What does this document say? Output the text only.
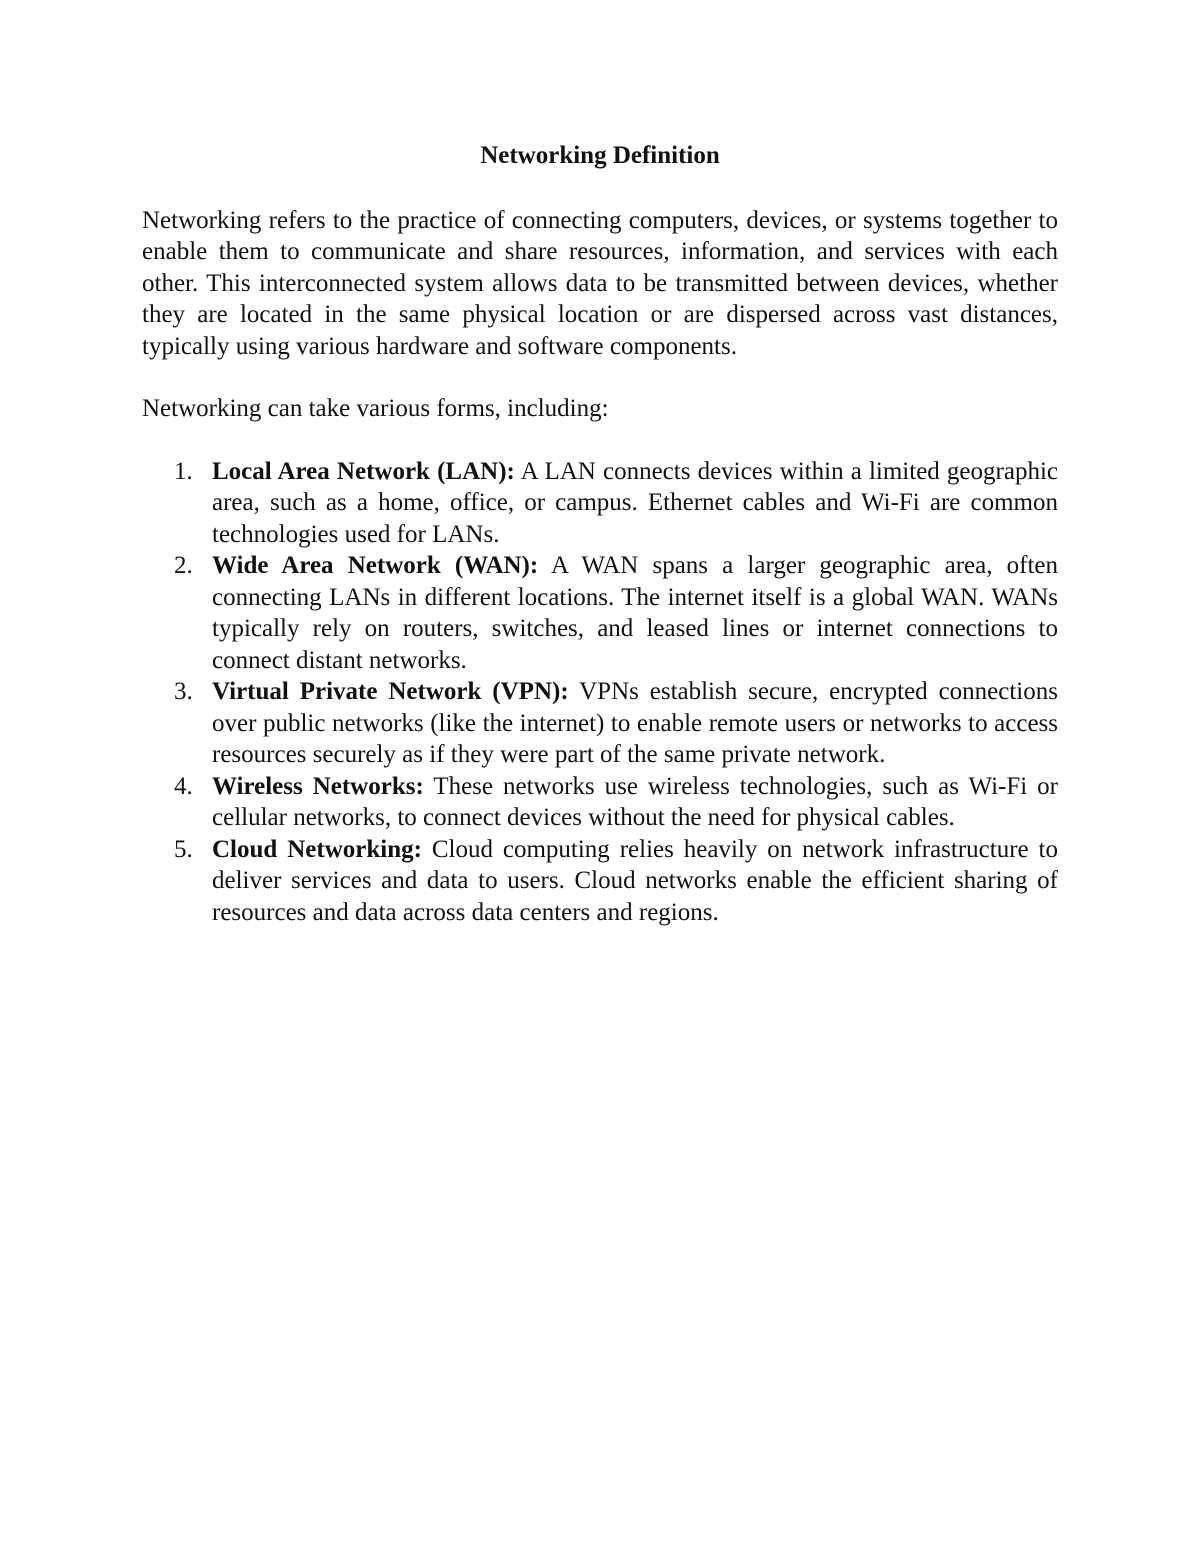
Networking Definition

Networking refers to the practice of connecting computers, devices, or systems together to enable them to communicate and share resources, information, and services with each other. This interconnected system allows data to be transmitted between devices, whether they are located in the same physical location or are dispersed across vast distances, typically using various hardware and software components.

Networking can take various forms, including:

1. Local Area Network (LAN): A LAN connects devices within a limited geographic area, such as a home, office, or campus. Ethernet cables and Wi-Fi are common technologies used for LANs.
2. Wide Area Network (WAN): A WAN spans a larger geographic area, often connecting LANs in different locations. The internet itself is a global WAN. WANs typically rely on routers, switches, and leased lines or internet connections to connect distant networks.
3. Virtual Private Network (VPN): VPNs establish secure, encrypted connections over public networks (like the internet) to enable remote users or networks to access resources securely as if they were part of the same private network.
4. Wireless Networks: These networks use wireless technologies, such as Wi-Fi or cellular networks, to connect devices without the need for physical cables.
5. Cloud Networking: Cloud computing relies heavily on network infrastructure to deliver services and data to users. Cloud networks enable the efficient sharing of resources and data across data centers and regions.
